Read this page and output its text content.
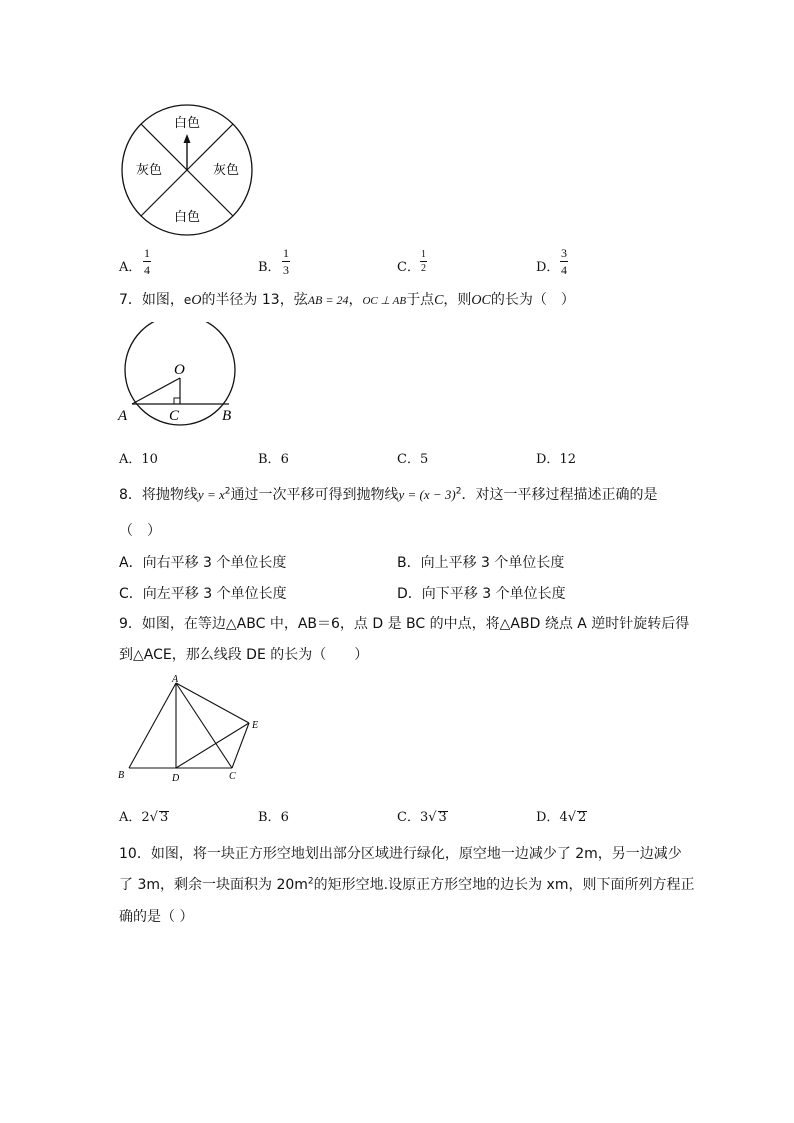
白色
灰色	灰色
白色
A．
1
4	B．
1
3	C．
1
2	D．
3
4
7．如图，eO的半径为 13，弦AB = 24，OC ⊥ AB于点C，则OC的长为（　）
O
A	C	B
A．10	B．6	C．5	D．12
8．将抛物线$y = x^2$通过一次平移可得到抛物线$y = (x - 3)^2$．对这一平移过程描述正确的是
（　）
A．向右平移 3 个单位长度	B．向上平移 3 个单位长度
C．向左平移 3 个单位长度	D．向下平移 3 个单位长度
9．如图，在等边△ABC 中，AB＝6，点 D 是 BC 的中点，将△ABD 绕点 A 逆时针旋转后得
到△ACE，那么线段 DE 的长为（　　）
A
B	D	C
E
A．2√ 3	B．6	C．3√ 3	D．4√ 2
10．如图，将一块正方形空地划出部分区域进行绿化，原空地一边减少了 2m，另一边减少
了 3m，剩余一块面积为 $20m^2$的矩形空地.设原正方形空地的边长为 xm，则下面所列方程正
确的是（ ）
